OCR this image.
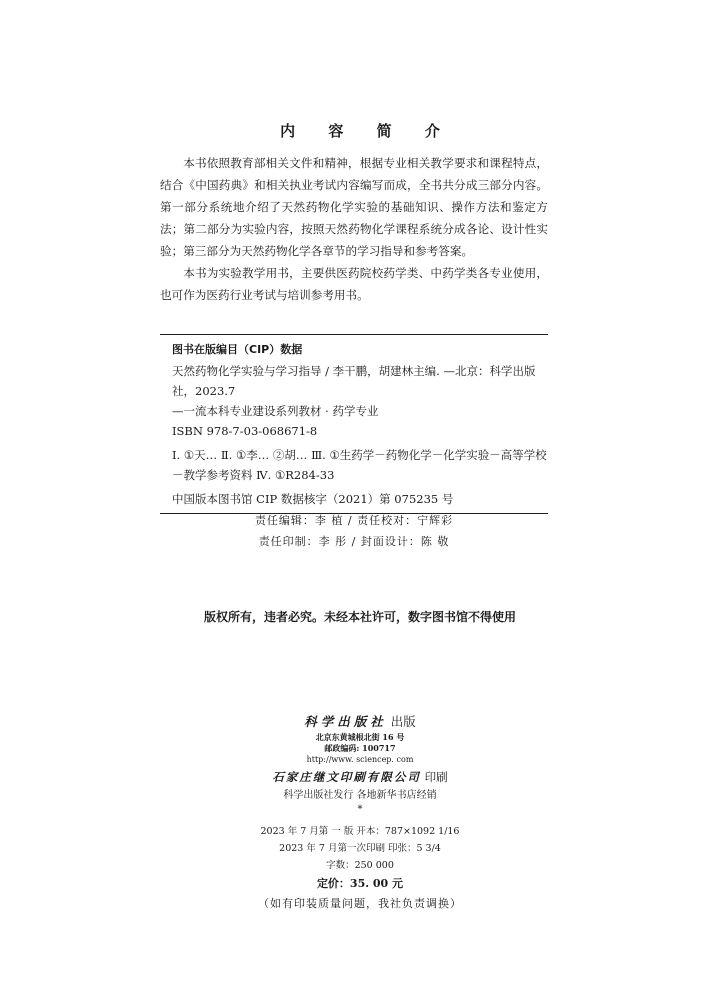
内 容 简 介

本书依照教育部相关文件和精神，根据专业相关教学要求和课程特点，结合《中国药典》和相关执业考试内容编写而成，全书共分成三部分内容。第一部分系统地介绍了天然药物化学实验的基础知识、操作方法和鉴定方法；第二部分为实验内容，按照天然药物化学课程系统分成各论、设计性实验；第三部分为天然药物化学各章节的学习指导和参考答案。

本书为实验教学用书，主要供医药院校药学类、中药学类各专业使用，也可作为医药行业考试与培训参考用书。

图书在版编目（CIP）数据
天然药物化学实验与学习指导 / 李干鹏，胡建林主编. —北京：科学出版社，2023.7
—一流本科专业建设系列教材 · 药学专业
ISBN 978-7-03-068671-8
Ⅰ. ①天… Ⅱ. ①李… ②胡… Ⅲ. ①生药学－药物化学－化学实验－高等学校－教学参考资料 Ⅳ. ①R284-33
中国版本图书馆 CIP 数据核字（2021）第 075235 号
责任编辑：李 植 / 责任校对：宁辉彩
责任印制：李 彤 / 封面设计：陈 敬
版权所有，违者必究。未经本社许可，数字图书馆不得使用
科学出版社 出版
北京东黄城根北街 16 号
邮政编码: 100717
http://www. sciencep. com
石家庄继文印刷有限公司 印刷
科学出版社发行 各地新华书店经销
*
2023 年 7 月第 一 版 开本：787×1092 1/16
2023 年 7 月第一次印刷 印张：5 3/4
字数：250 000
定价：35. 00 元
（如有印装质量问题，我社负责调换）
